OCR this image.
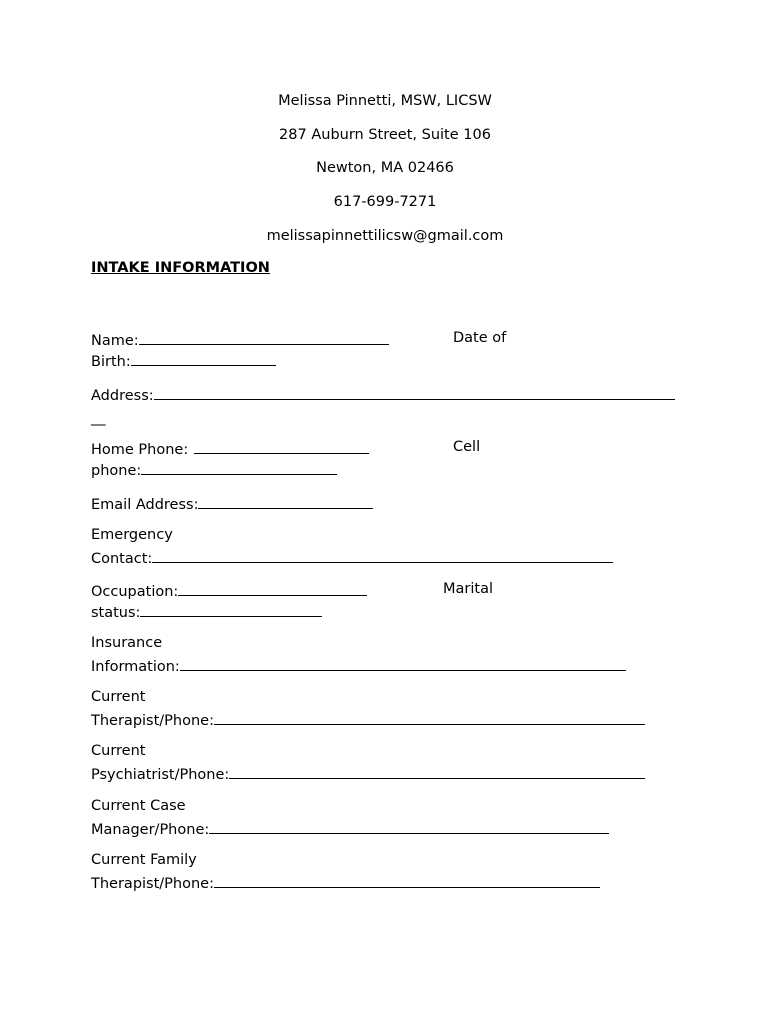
Melissa Pinnetti, MSW, LICSW
287 Auburn Street, Suite 106
Newton, MA 02466
617-699-7271
melissapinnettilicsw@gmail.com
INTAKE INFORMATION
Name:	Date of
Birth:
Address:
__
Home Phone:	Cell
phone:
Email Address:
Emergency
Contact:
Occupation:	Marital
status:
Insurance
Information:
Current
Therapist/Phone:
Current
Psychiatrist/Phone:
Current Case
Manager/Phone:
Current Family
Therapist/Phone:
